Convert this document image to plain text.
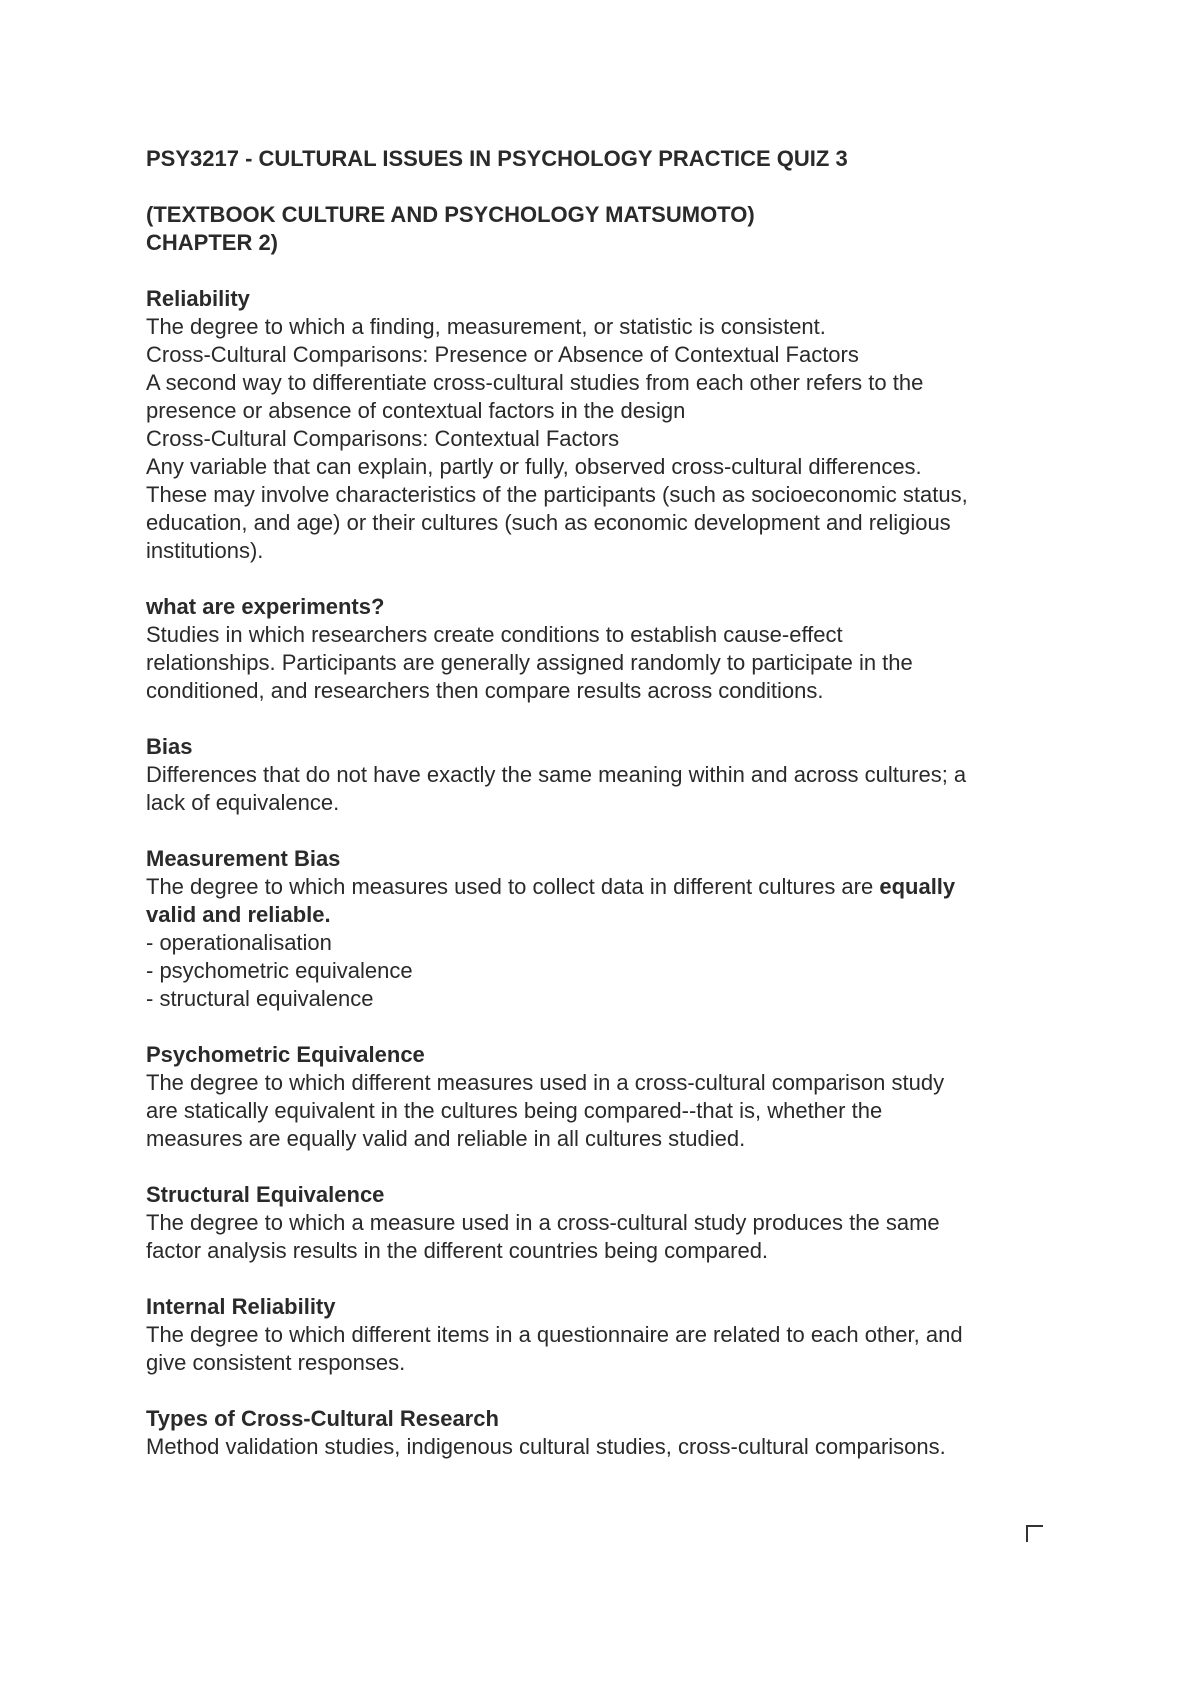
PSY3217 - CULTURAL ISSUES IN PSYCHOLOGY PRACTICE QUIZ 3

(TEXTBOOK CULTURE AND PSYCHOLOGY MATSUMOTO)

CHAPTER 2)

Reliability

The degree to which a finding, measurement, or statistic is consistent.

Cross-Cultural Comparisons: Presence or Absence of Contextual Factors

A second way to differentiate cross-cultural studies from each other refers to the

presence or absence of contextual factors in the design

Cross-Cultural Comparisons: Contextual Factors

Any variable that can explain, partly or fully, observed cross-cultural differences.

These may involve characteristics of the participants (such as socioeconomic status,

education, and age) or their cultures (such as economic development and religious

institutions).

what are experiments?

Studies in which researchers create conditions to establish cause-effect

relationships. Participants are generally assigned randomly to participate in the

conditioned, and researchers then compare results across conditions.

Bias

Differences that do not have exactly the same meaning within and across cultures; a

lack of equivalence.

Measurement Bias

The degree to which measures used to collect data in different cultures are equally

valid and reliable.

- operationalisation

- psychometric equivalence

- structural equivalence

Psychometric Equivalence

The degree to which different measures used in a cross-cultural comparison study

are statically equivalent in the cultures being compared--that is, whether the

measures are equally valid and reliable in all cultures studied.

Structural Equivalence

The degree to which a measure used in a cross-cultural study produces the same

factor analysis results in the different countries being compared.

Internal Reliability

The degree to which different items in a questionnaire are related to each other, and

give consistent responses.

Types of Cross-Cultural Research

Method validation studies, indigenous cultural studies, cross-cultural comparisons.
